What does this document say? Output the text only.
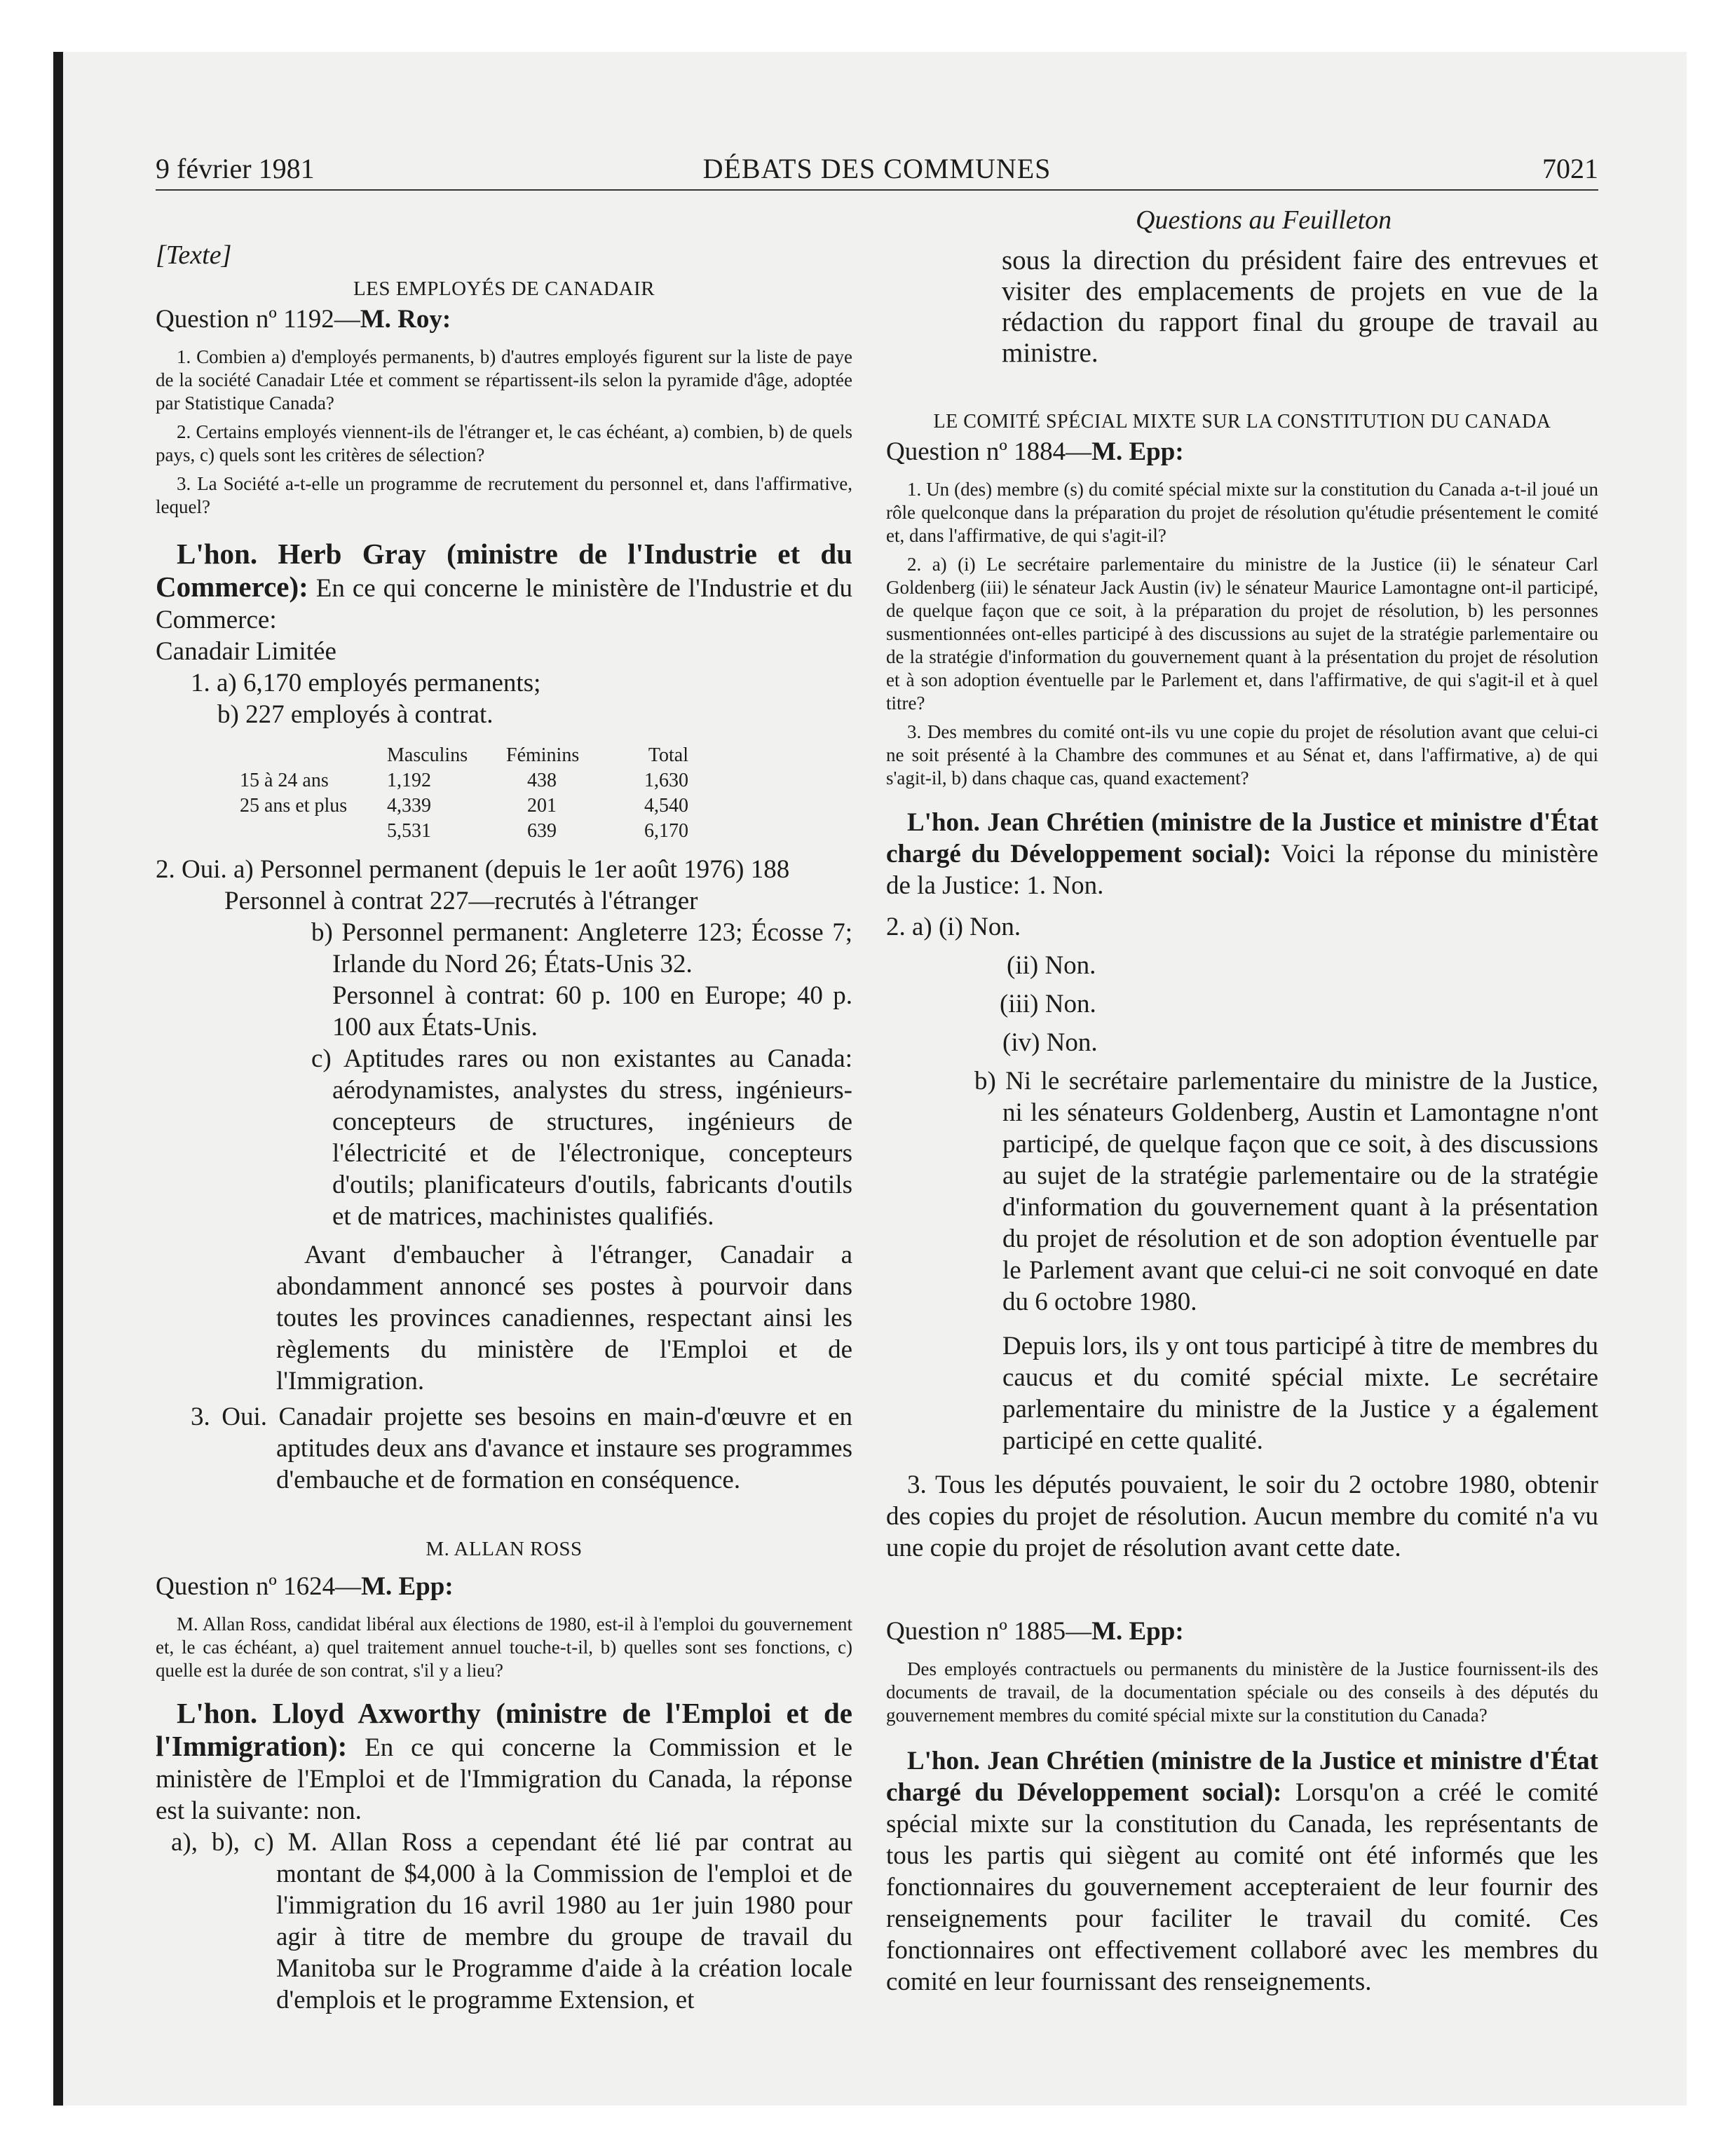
9 février 1981	DÉBATS DES COMMUNES	7021
Questions au Feuilleton

[Texte]

LES EMPLOYÉS DE CANADAIR

Question nº 1192—M. Roy:

1. Combien a) d'employés permanents, b) d'autres employés figurent sur la liste de paye de la société Canadair Ltée et comment se répartissent-ils selon la pyramide d'âge, adoptée par Statistique Canada?

2. Certains employés viennent-ils de l'étranger et, le cas échéant, a) combien, b) de quels pays, c) quels sont les critères de sélection?

3. La Société a-t-elle un programme de recrutement du personnel et, dans l'affirmative, lequel?

L'hon. Herb Gray (ministre de l'Industrie et du Commerce): En ce qui concerne le ministère de l'Industrie et du Commerce:

Canadair Limitée

1. a) 6,170 employés permanents;

b) 227 employés à contrat.

	Masculins	Féminins	Total
15 à 24 ans	1,192	438	1,630
25 ans et plus	4,339	201	4,540
	5,531	639	6,170

2. Oui. a) Personnel permanent (depuis le 1er août 1976) 188

Personnel à contrat 227—recrutés à l'étranger

b) Personnel permanent: Angleterre 123; Écosse 7; Irlande du Nord 26; États-Unis 32.

Personnel à contrat: 60 p. 100 en Europe; 40 p. 100 aux États-Unis.

c) Aptitudes rares ou non existantes au Canada: aérodynamistes, analystes du stress, ingénieurs-concepteurs de structures, ingénieurs de l'électricité et de l'électronique, concepteurs d'outils; planificateurs d'outils, fabricants d'outils et de matrices, machinistes qualifiés.

Avant d'embaucher à l'étranger, Canadair a abondamment annoncé ses postes à pourvoir dans toutes les provinces canadiennes, respectant ainsi les règlements du ministère de l'Emploi et de l'Immigration.

3. Oui. Canadair projette ses besoins en main-d'œuvre et en aptitudes deux ans d'avance et instaure ses programmes d'embauche et de formation en conséquence.

M. ALLAN ROSS

Question nº 1624—M. Epp:

M. Allan Ross, candidat libéral aux élections de 1980, est-il à l'emploi du gouvernement et, le cas échéant, a) quel traitement annuel touche-t-il, b) quelles sont ses fonctions, c) quelle est la durée de son contrat, s'il y a lieu?

L'hon. Lloyd Axworthy (ministre de l'Emploi et de l'Immigration): En ce qui concerne la Commission et le ministère de l'Emploi et de l'Immigration du Canada, la réponse est la suivante: non.

a), b), c) M. Allan Ross a cependant été lié par contrat au montant de $4,000 à la Commission de l'emploi et de l'immigration du 16 avril 1980 au 1er juin 1980 pour agir à titre de membre du groupe de travail du Manitoba sur le Programme d'aide à la création locale d'emplois et le programme Extension, et

sous la direction du président faire des entrevues et visiter des emplacements de projets en vue de la rédaction du rapport final du groupe de travail au ministre.

LE COMITÉ SPÉCIAL MIXTE SUR LA CONSTITUTION DU CANADA

Question nº 1884—M. Epp:

1. Un (des) membre (s) du comité spécial mixte sur la constitution du Canada a-t-il joué un rôle quelconque dans la préparation du projet de résolution qu'étudie présentement le comité et, dans l'affirmative, de qui s'agit-il?

2. a) (i) Le secrétaire parlementaire du ministre de la Justice (ii) le sénateur Carl Goldenberg (iii) le sénateur Jack Austin (iv) le sénateur Maurice Lamontagne ont-il participé, de quelque façon que ce soit, à la préparation du projet de résolution, b) les personnes susmentionnées ont-elles participé à des discussions au sujet de la stratégie parlementaire ou de la stratégie d'information du gouvernement quant à la présentation du projet de résolution et à son adoption éventuelle par le Parlement et, dans l'affirmative, de qui s'agit-il et à quel titre?

3. Des membres du comité ont-ils vu une copie du projet de résolution avant que celui-ci ne soit présenté à la Chambre des communes et au Sénat et, dans l'affirmative, a) de qui s'agit-il, b) dans chaque cas, quand exactement?

L'hon. Jean Chrétien (ministre de la Justice et ministre d'État chargé du Développement social): Voici la réponse du ministère de la Justice: 1. Non.

2. a) (i) Non.

(ii) Non.

(iii) Non.

(iv) Non.

b) Ni le secrétaire parlementaire du ministre de la Justice, ni les sénateurs Goldenberg, Austin et Lamontagne n'ont participé, de quelque façon que ce soit, à des discussions au sujet de la stratégie parlementaire ou de la stratégie d'information du gouvernement quant à la présentation du projet de résolution et de son adoption éventuelle par le Parlement avant que celui-ci ne soit convoqué en date du 6 octobre 1980.

Depuis lors, ils y ont tous participé à titre de membres du caucus et du comité spécial mixte. Le secrétaire parlementaire du ministre de la Justice y a également participé en cette qualité.

3. Tous les députés pouvaient, le soir du 2 octobre 1980, obtenir des copies du projet de résolution. Aucun membre du comité n'a vu une copie du projet de résolution avant cette date.

Question nº 1885—M. Epp:

Des employés contractuels ou permanents du ministère de la Justice fournissent-ils des documents de travail, de la documentation spéciale ou des conseils à des députés du gouvernement membres du comité spécial mixte sur la constitution du Canada?

L'hon. Jean Chrétien (ministre de la Justice et ministre d'État chargé du Développement social): Lorsqu'on a créé le comité spécial mixte sur la constitution du Canada, les représentants de tous les partis qui siègent au comité ont été informés que les fonctionnaires du gouvernement accepteraient de leur fournir des renseignements pour faciliter le travail du comité. Ces fonctionnaires ont effectivement collaboré avec les membres du comité en leur fournissant des renseignements.
